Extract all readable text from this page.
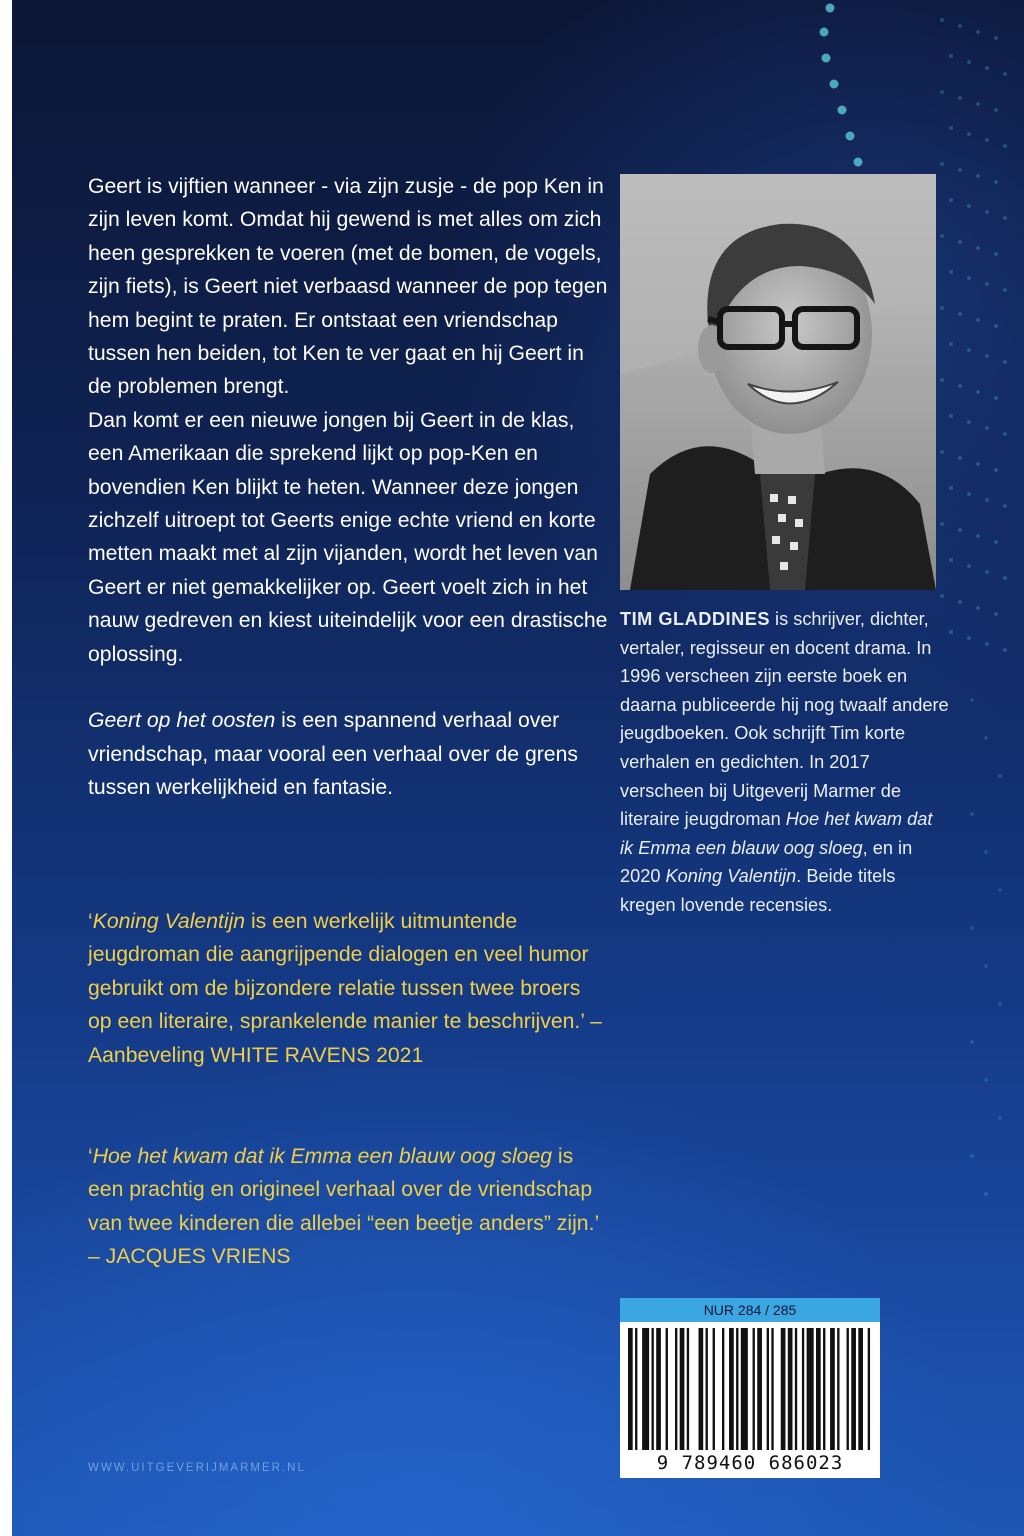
Geert is vijftien wanneer - via zijn zusje - de pop Ken in zijn leven komt. Omdat hij gewend is met alles om zich heen gesprekken te voeren (met de bomen, de vogels, zijn fiets), is Geert niet verbaasd wanneer de pop tegen hem begint te praten. Er ontstaat een vriendschap tussen hen beiden, tot Ken te ver gaat en hij Geert in de problemen brengt.

Dan komt er een nieuwe jongen bij Geert in de klas, een Amerikaan die sprekend lijkt op pop-Ken en bovendien Ken blijkt te heten. Wanneer deze jongen zichzelf uitroept tot Geerts enige echte vriend en korte metten maakt met al zijn vijanden, wordt het leven van Geert er niet gemakkelijker op. Geert voelt zich in het nauw gedreven en kiest uiteindelijk voor een drastische oplossing.

Geert op het oosten is een spannend verhaal over vriendschap, maar vooral een verhaal over de grens tussen werkelijkheid en fantasie.

‘Koning Valentijn is een werkelijk uitmuntende jeugdroman die aangrijpende dialogen en veel humor gebruikt om de bijzondere relatie tussen twee broers op een literaire, sprankelende manier te beschrijven.’ – Aanbeveling WHITE RAVENS 2021

‘Hoe het kwam dat ik Emma een blauw oog sloeg is een prachtig en origineel verhaal over de vriendschap van twee kinderen die allebei “een beetje anders” zijn.’ – JACQUES VRIENS

TIM GLADDINES is schrijver, dichter, vertaler, regisseur en docent drama. In 1996 verscheen zijn eerste boek en daarna publiceerde hij nog twaalf andere jeugdboeken. Ook schrijft Tim korte verhalen en gedichten. In 2017 verscheen bij Uitgeverij Marmer de literaire jeugdroman Hoe het kwam dat ik Emma een blauw oog sloeg, en in 2020 Koning Valentijn. Beide titels kregen lovende recensies.

NUR 284 / 285
9 789460 686023
WWW.UITGEVERIJMARMER.NL
